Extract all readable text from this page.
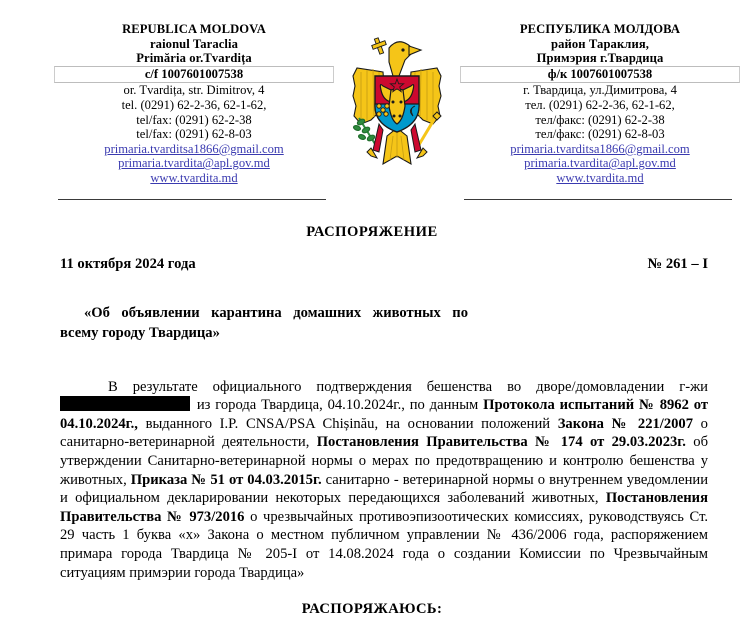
REPUBLICA MOLDOVA
raionul Taraclia
Primăria or.Tvardița
c/f 1007601007538
or. Tvardița, str. Dimitrov, 4
tel. (0291) 62-2-36, 62-1-62,
tel/fax: (0291) 62-2-38
tel/fax: (0291) 62-8-03
primaria.tvarditsa1866@gmail.com
primaria.tvardita@apl.gov.md
www.tvardita.md
РЕСПУБЛИКА МОЛДОВА
район Тараклия,
Примэрия г.Твардица
ф/к 1007601007538
г. Твардица, ул.Димитрова, 4
тел. (0291) 62-2-36, 62-1-62,
тел/факс: (0291) 62-2-38
тел/факс: (0291) 62-8-03
primaria.tvarditsa1866@gmail.com
primaria.tvardita@apl.gov.md
www.tvardita.md
РАСПОРЯЖЕНИЕ
11 октября 2024 года	№ 261 – I
«Об объявлении карантина домашних животных по всему городу Твардица»

В результате официального подтверждения бешенства во дворе/домовладении г-жи  из города Твардица, 04.10.2024г., по данным Протокола испытаний № 8962 от 04.10.2024г., выданного I.P. CNSA/PSA Chișinău, на основании положений Закона № 221/2007 о санитарно-ветеринарной деятельности, Постановления Правительства № 174 от 29.03.2023г. об утверждении Санитарно-ветеринарной нормы о мерах по предотвращению и контролю бешенства у животных, Приказа № 51 от 04.03.2015г. санитарно - ветеринарной нормы о внутреннем уведомлении и официальном декларировании некоторых передающихся заболеваний животных, Постановления Правительства № 973/2016 о чрезвычайных противоэпизоотических комиссиях, руководствуясь Ст. 29 часть 1 буква «х» Закона о местном публичном управлении № 436/2006 года, распоряжением примара города Твардица № 205-I от 14.08.2024 года о создании Комиссии по Чрезвычайным ситуациям примэрии города Твардица»

РАСПОРЯЖАЮСЬ:
